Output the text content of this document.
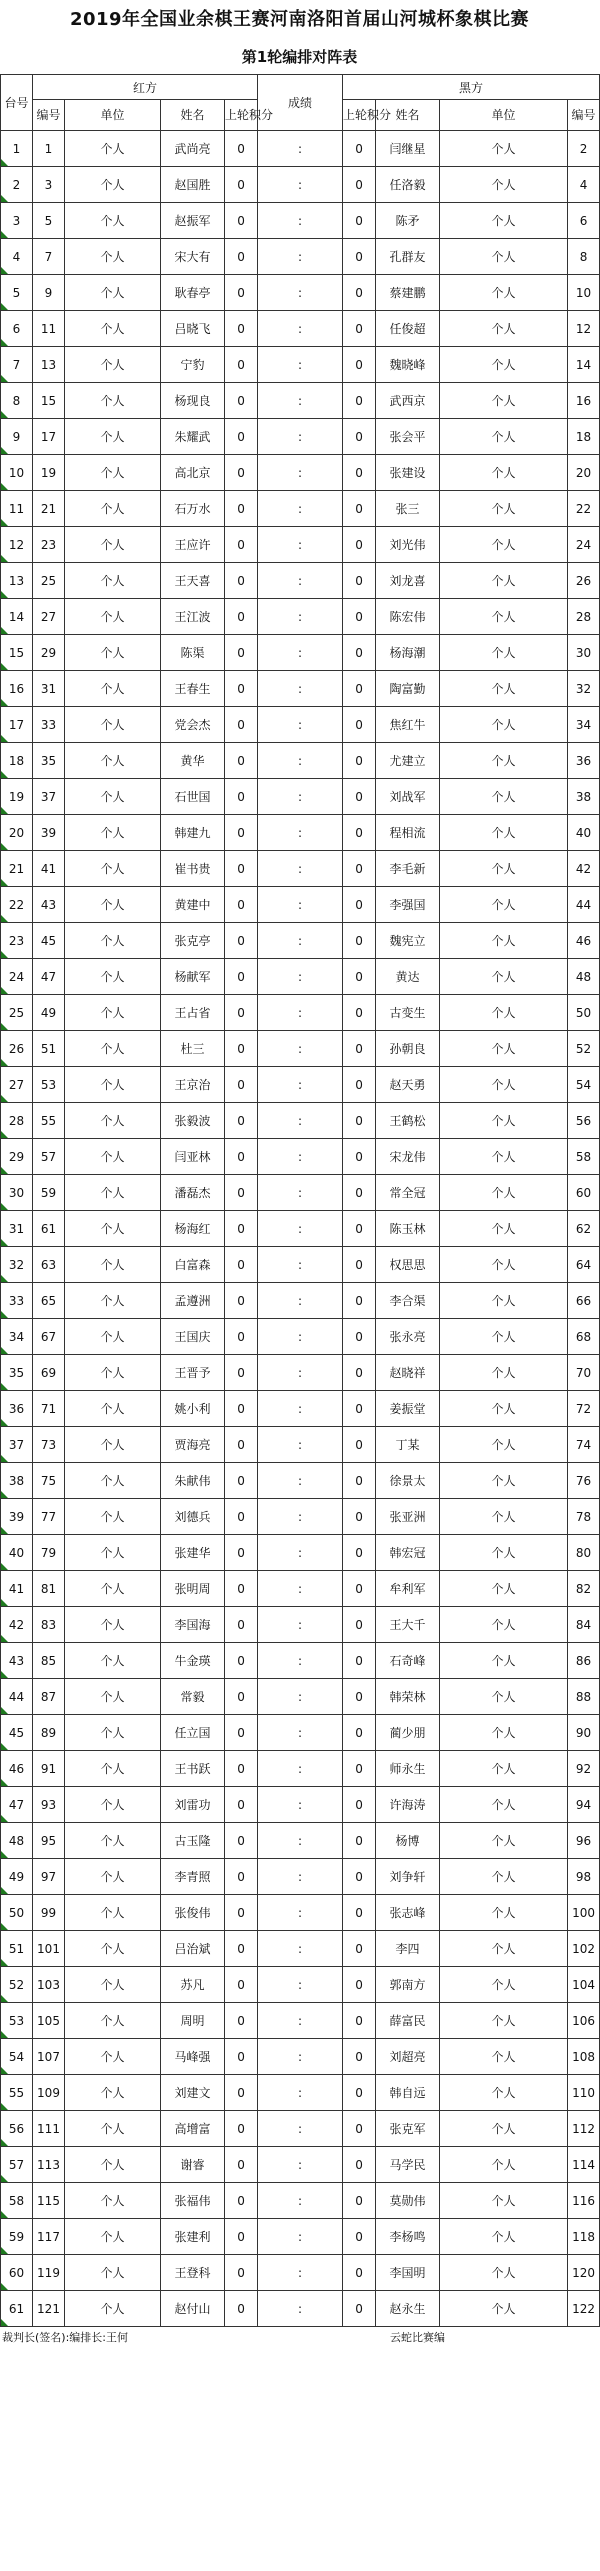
2019年全国业余棋王赛河南洛阳首届山河城杯象棋比赛
第1轮编排对阵表
台号	红方				成绩	黑方			
	编号	单位	姓名	上轮积分		上轮积分	姓名	单位	编号

1	1	个人	武尚亮	0	:	0	闫继星	个人	2

2	3	个人	赵国胜	0	:	0	任洛毅	个人	4

3	5	个人	赵振军	0	:	0	陈矛	个人	6

4	7	个人	宋大有	0	:	0	孔群友	个人	8

5	9	个人	耿春亭	0	:	0	蔡建鹏	个人	10

6	11	个人	吕晓飞	0	:	0	任俊超	个人	12

7	13	个人	宁豹	0	:	0	魏晓峰	个人	14

8	15	个人	杨现良	0	:	0	武西京	个人	16

9	17	个人	朱耀武	0	:	0	张会平	个人	18

10	19	个人	高北京	0	:	0	张建设	个人	20

11	21	个人	石万水	0	:	0	张三	个人	22

12	23	个人	王应许	0	:	0	刘光伟	个人	24

13	25	个人	王天喜	0	:	0	刘龙喜	个人	26

14	27	个人	王江波	0	:	0	陈宏伟	个人	28

15	29	个人	陈渠	0	:	0	杨海潮	个人	30

16	31	个人	王春生	0	:	0	陶富勤	个人	32

17	33	个人	党会杰	0	:	0	焦红牛	个人	34

18	35	个人	黄华	0	:	0	尤建立	个人	36

19	37	个人	石世国	0	:	0	刘战军	个人	38

20	39	个人	韩建九	0	:	0	程相流	个人	40

21	41	个人	崔书贵	0	:	0	李毛新	个人	42

22	43	个人	黄建中	0	:	0	李强国	个人	44

23	45	个人	张克亭	0	:	0	魏宪立	个人	46

24	47	个人	杨献军	0	:	0	黄达	个人	48

25	49	个人	王占省	0	:	0	古变生	个人	50

26	51	个人	杜三	0	:	0	孙朝良	个人	52

27	53	个人	王京治	0	:	0	赵天勇	个人	54

28	55	个人	张毅波	0	:	0	王鹤松	个人	56

29	57	个人	闫亚林	0	:	0	宋龙伟	个人	58

30	59	个人	潘磊杰	0	:	0	常全冠	个人	60

31	61	个人	杨海红	0	:	0	陈玉林	个人	62

32	63	个人	白富森	0	:	0	权思思	个人	64

33	65	个人	孟遵洲	0	:	0	李合渠	个人	66

34	67	个人	王国庆	0	:	0	张永亮	个人	68

35	69	个人	王晋予	0	:	0	赵晓祥	个人	70

36	71	个人	姚小利	0	:	0	姜振堂	个人	72

37	73	个人	贾海亮	0	:	0	丁某	个人	74

38	75	个人	朱献伟	0	:	0	徐景太	个人	76

39	77	个人	刘德兵	0	:	0	张亚洲	个人	78

40	79	个人	张建华	0	:	0	韩宏冠	个人	80

41	81	个人	张明周	0	:	0	牟利军	个人	82

42	83	个人	李国海	0	:	0	王大千	个人	84

43	85	个人	牛金瑛	0	:	0	石奇峰	个人	86

44	87	个人	常毅	0	:	0	韩荣林	个人	88

45	89	个人	任立国	0	:	0	蔺少朋	个人	90

46	91	个人	王书跃	0	:	0	师永生	个人	92

47	93	个人	刘雷功	0	:	0	许海涛	个人	94

48	95	个人	古玉隆	0	:	0	杨博	个人	96

49	97	个人	李青照	0	:	0	刘争轩	个人	98

50	99	个人	张俊伟	0	:	0	张志峰	个人	100

51	101	个人	吕治斌	0	:	0	李四	个人	102

52	103	个人	苏凡	0	:	0	郭南方	个人	104

53	105	个人	周明	0	:	0	薛富民	个人	106

54	107	个人	马峰强	0	:	0	刘超亮	个人	108

55	109	个人	刘建文	0	:	0	韩自远	个人	110

56	111	个人	高增富	0	:	0	张克军	个人	112

57	113	个人	谢睿	0	:	0	马学民	个人	114

58	115	个人	张福伟	0	:	0	莫勋伟	个人	116

59	117	个人	张建利	0	:	0	李杨鸣	个人	118

60	119	个人	王登科	0	:	0	李国明	个人	120

61	121	个人	赵付山	0	:	0	赵永生	个人	122
裁判长(签名):编排长:王何	云蛇比赛编
